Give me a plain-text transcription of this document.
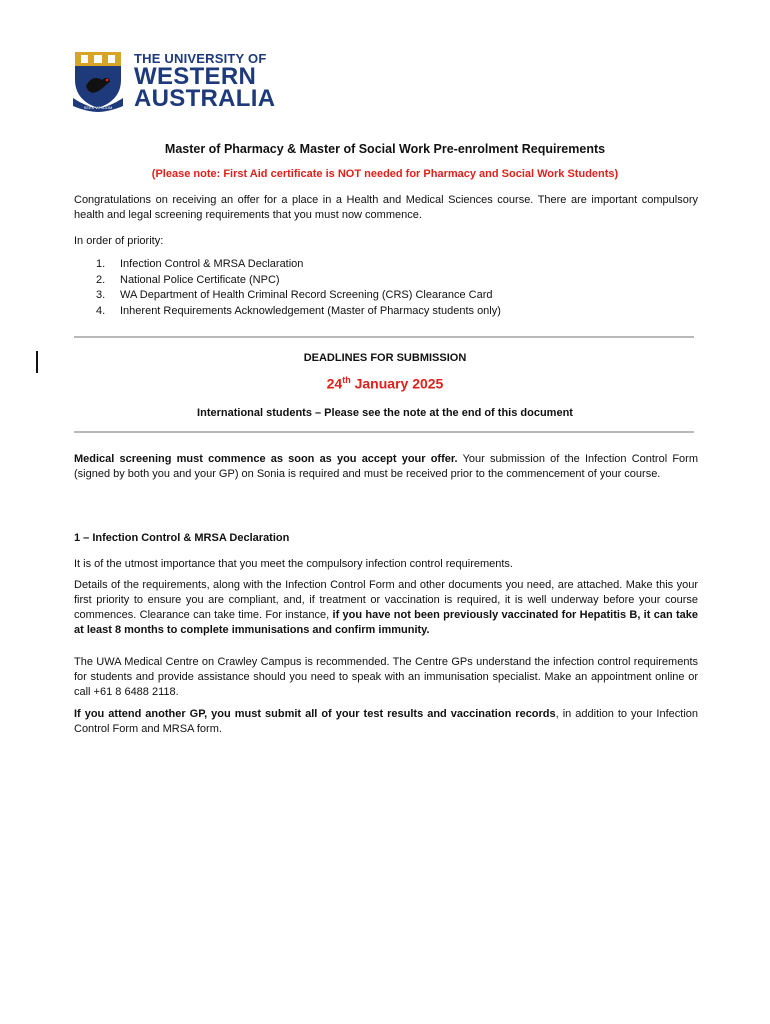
SEEK WISDOM
THE UNIVERSITY OF
WESTERN
AUSTRALIA
Master of Pharmacy & Master of Social Work Pre-enrolment Requirements
(Please note: First Aid certificate is NOT needed for Pharmacy and Social Work Students)
Congratulations on receiving an offer for a place in a Health and Medical Sciences course. There are important compulsory health and legal screening requirements that you must now commence.
In order of priority:
1.	Infection Control & MRSA Declaration
2.	National Police Certificate (NPC)
3.	WA Department of Health Criminal Record Screening (CRS) Clearance Card
4.	Inherent Requirements Acknowledgement (Master of Pharmacy students only)
DEADLINES FOR SUBMISSION
24th January 2025
International students – Please see the note at the end of this document
Medical screening must commence as soon as you accept your offer. Your submission of the Infection Control Form (signed by both you and your GP) on Sonia is required and must be received prior to the commencement of your course.
1 – Infection Control & MRSA Declaration
It is of the utmost importance that you meet the compulsory infection control requirements.
Details of the requirements, along with the Infection Control Form and other documents you need, are attached. Make this your first priority to ensure you are compliant, and, if treatment or vaccination is required, it is well underway before your course commences. Clearance can take time. For instance, if you have not been previously vaccinated for Hepatitis B, it can take at least 8 months to complete immunisations and confirm immunity.
The UWA Medical Centre on Crawley Campus is recommended. The Centre GPs understand the infection control requirements for students and provide assistance should you need to speak with an immunisation specialist. Make an appointment online or call +61 8 6488 2118.
If you attend another GP, you must submit all of your test results and vaccination records, in addition to your Infection Control Form and MRSA form.
